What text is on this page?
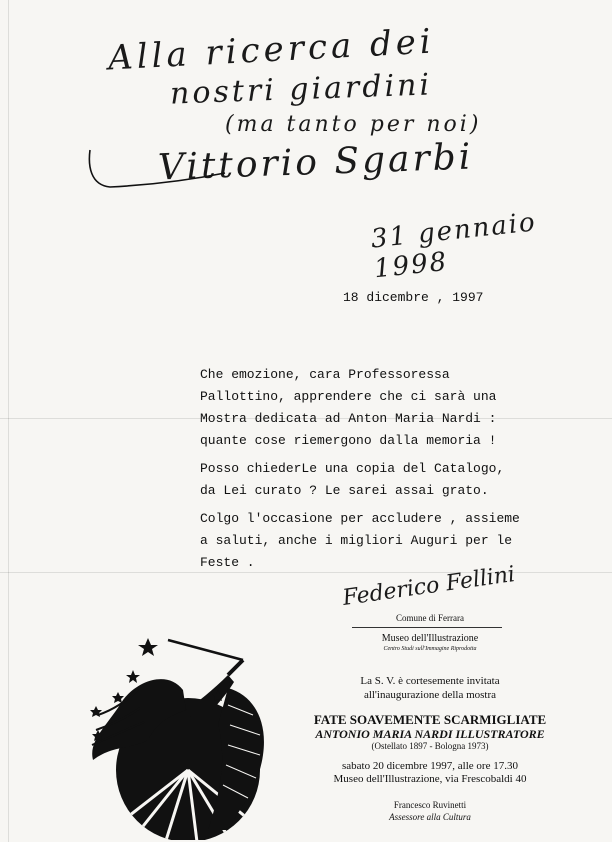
Alla ricerca dei
nostri giardini
(ma tanto per noi)
Vittorio Sgarbi
31 gennaio 1998
18 dicembre , 1997
Che emozione, cara Professoressa
Pallottino, apprendere che ci sarà una
Mostra dedicata ad Anton Maria Nardi :
quante cose riemergono dalla memoria !
Posso chiederLe una copia del Catalogo,
da Lei curato ? Le sarei assai grato.
Colgo l'occasione per accludere , assieme
a saluti, anche i migliori Auguri per le
Feste .	Federico Fellini
Comune di Ferrara
Museo dell'Illustrazione
Centro Studi sull'Immagine Riprodotta
La S. V. è cortesemente invitata
all'inaugurazione della mostra
FATE SOAVEMENTE SCARMIGLIATE
ANTONIO MARIA NARDI ILLUSTRATORE
(Ostellato 1897 - Bologna 1973)
sabato 20 dicembre 1997, alle ore 17.30
Museo dell'Illustrazione, via Frescobaldi 40
Francesco Ruvinetti
Assessore alla Cultura
